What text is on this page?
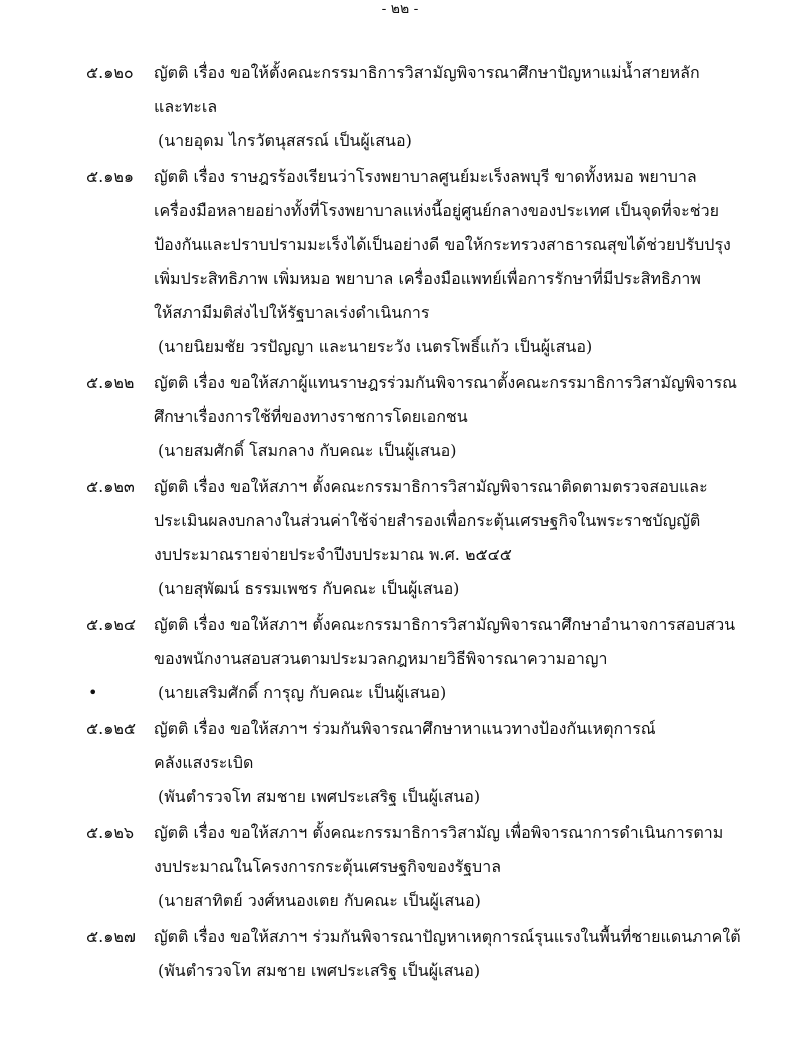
- ๒๒ -
๕.๑๒๐ ญัตติ เรื่อง ขอให้ตั้งคณะกรรมาธิการวิสามัญพิจารณาศึกษาปัญหาแม่น้ำสายหลัก
และทะเล
(นายอุดม ไกรวัตนุสสรณ์ เป็นผู้เสนอ)
๕.๑๒๑ ญัตติ เรื่อง ราษฎรร้องเรียนว่าโรงพยาบาลศูนย์มะเร็งลพบุรี ขาดทั้งหมอ พยาบาล
เครื่องมือหลายอย่างทั้งที่โรงพยาบาลแห่งนี้อยู่ศูนย์กลางของประเทศ เป็นจุดที่จะช่วย
ป้องกันและปราบปรามมะเร็งได้เป็นอย่างดี ขอให้กระทรวงสาธารณสุขได้ช่วยปรับปรุง
เพิ่มประสิทธิภาพ เพิ่มหมอ พยาบาล เครื่องมือแพทย์เพื่อการรักษาที่มีประสิทธิภาพ
ให้สภามีมติส่งไปให้รัฐบาลเร่งดำเนินการ
(นายนิยมชัย วรปัญญา และนายระวัง เนตรโพธิ์แก้ว เป็นผู้เสนอ)
๕.๑๒๒ ญัตติ เรื่อง ขอให้สภาผู้แทนราษฎรร่วมกันพิจารณาตั้งคณะกรรมาธิการวิสามัญพิจารณ
ศึกษาเรื่องการใช้ที่ของทางราชการโดยเอกชน
(นายสมศักดิ์ โสมกลาง กับคณะ เป็นผู้เสนอ)
๕.๑๒๓ ญัตติ เรื่อง ขอให้สภาฯ ตั้งคณะกรรมาธิการวิสามัญพิจารณาติดตามตรวจสอบและ
ประเมินผลงบกลางในส่วนค่าใช้จ่ายสำรองเพื่อกระตุ้นเศรษฐกิจในพระราชบัญญัติ
งบประมาณรายจ่ายประจำปีงบประมาณ พ.ศ. ๒๕๔๕
(นายสุพัฒน์ ธรรมเพชร กับคณะ เป็นผู้เสนอ)
๕.๑๒๔ ญัตติ เรื่อง ขอให้สภาฯ ตั้งคณะกรรมาธิการวิสามัญพิจารณาศึกษาอำนาจการสอบสวน
ของพนักงานสอบสวนตามประมวลกฎหมายวิธีพิจารณาความอาญา
•	(นายเสริมศักดิ์ การุญ กับคณะ เป็นผู้เสนอ)
๕.๑๒๕ ญัตติ เรื่อง ขอให้สภาฯ ร่วมกันพิจารณาศึกษาหาแนวทางป้องกันเหตุการณ์
คลังแสงระเบิด
(พันตำรวจโท สมชาย เพศประเสริฐ เป็นผู้เสนอ)
๕.๑๒๖ ญัตติ เรื่อง ขอให้สภาฯ ตั้งคณะกรรมาธิการวิสามัญ เพื่อพิจารณาการดำเนินการตาม
งบประมาณในโครงการกระตุ้นเศรษฐกิจของรัฐบาล
(นายสาทิตย์ วงศ์หนองเตย กับคณะ เป็นผู้เสนอ)
๕.๑๒๗ ญัตติ เรื่อง ขอให้สภาฯ ร่วมกันพิจารณาปัญหาเหตุการณ์รุนแรงในพื้นที่ชายแดนภาคใต้
(พันตำรวจโท สมชาย เพศประเสริฐ เป็นผู้เสนอ)
